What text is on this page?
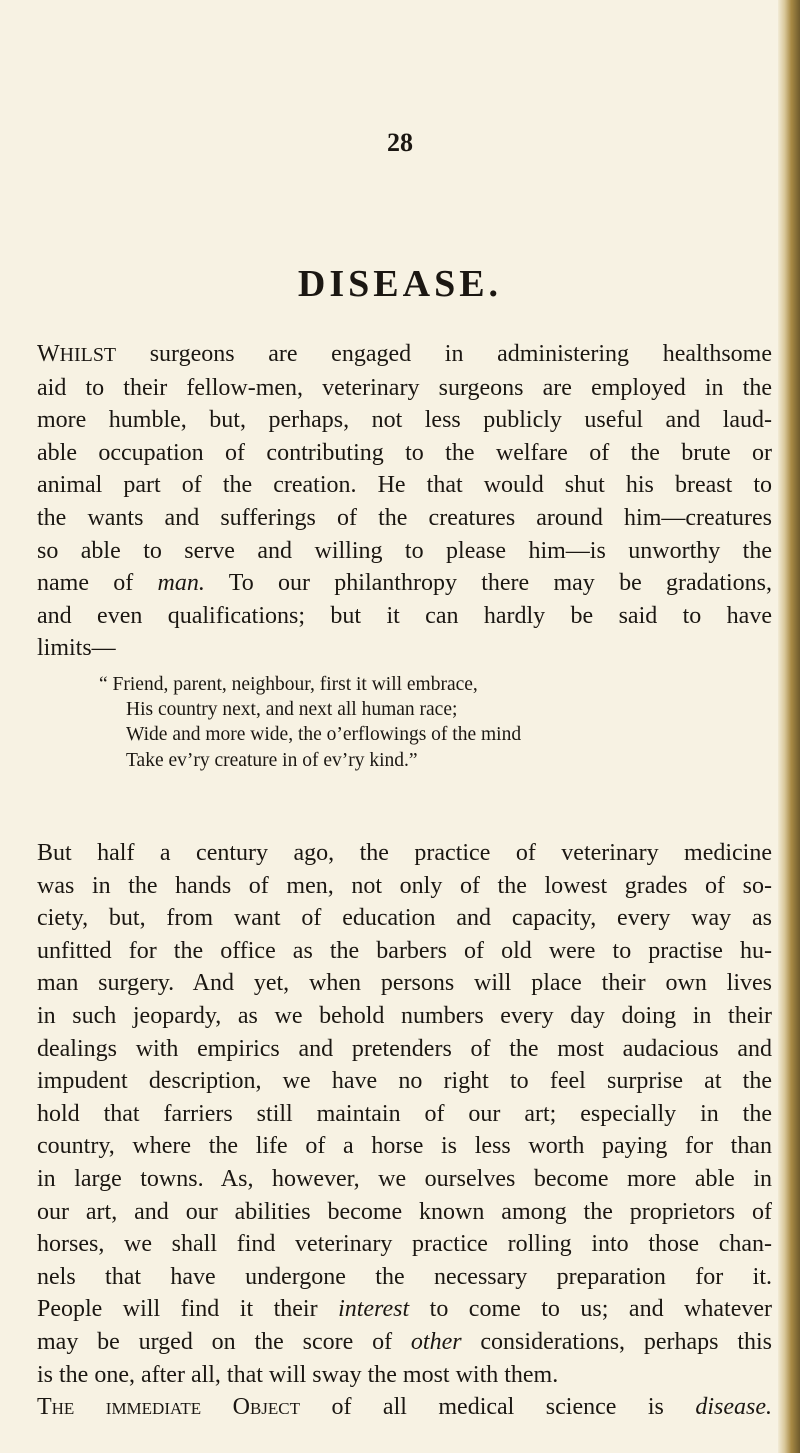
28
DISEASE.
WHILST surgeons are engaged in administering healthsome
aid to their fellow-men, veterinary surgeons are employed in the
more humble, but, perhaps, not less publicly useful and laud-
able occupation of contributing to the welfare of the brute or
animal part of the creation. He that would shut his breast to
the wants and sufferings of the creatures around him—creatures
so able to serve and willing to please him—is unworthy the
name of man. To our philanthropy there may be gradations,
and even qualifications; but it can hardly be said to have
limits—
“ Friend, parent, neighbour, first it will embrace,
His country next, and next all human race;
Wide and more wide, the o’erflowings of the mind
Take ev’ry creature in of ev’ry kind.”
But half a century ago, the practice of veterinary medicine
was in the hands of men, not only of the lowest grades of so-
ciety, but, from want of education and capacity, every way as
unfitted for the office as the barbers of old were to practise hu-
man surgery. And yet, when persons will place their own lives
in such jeopardy, as we behold numbers every day doing in their
dealings with empirics and pretenders of the most audacious and
impudent description, we have no right to feel surprise at the
hold that farriers still maintain of our art; especially in the
country, where the life of a horse is less worth paying for than
in large towns. As, however, we ourselves become more able in
our art, and our abilities become known among the proprietors of
horses, we shall find veterinary practice rolling into those chan-
nels that have undergone the necessary preparation for it.
People will find it their interest to come to us; and whatever
may be urged on the score of other considerations, perhaps this
is the one, after all, that will sway the most with them.
The immediate Object of all medical science is disease.
